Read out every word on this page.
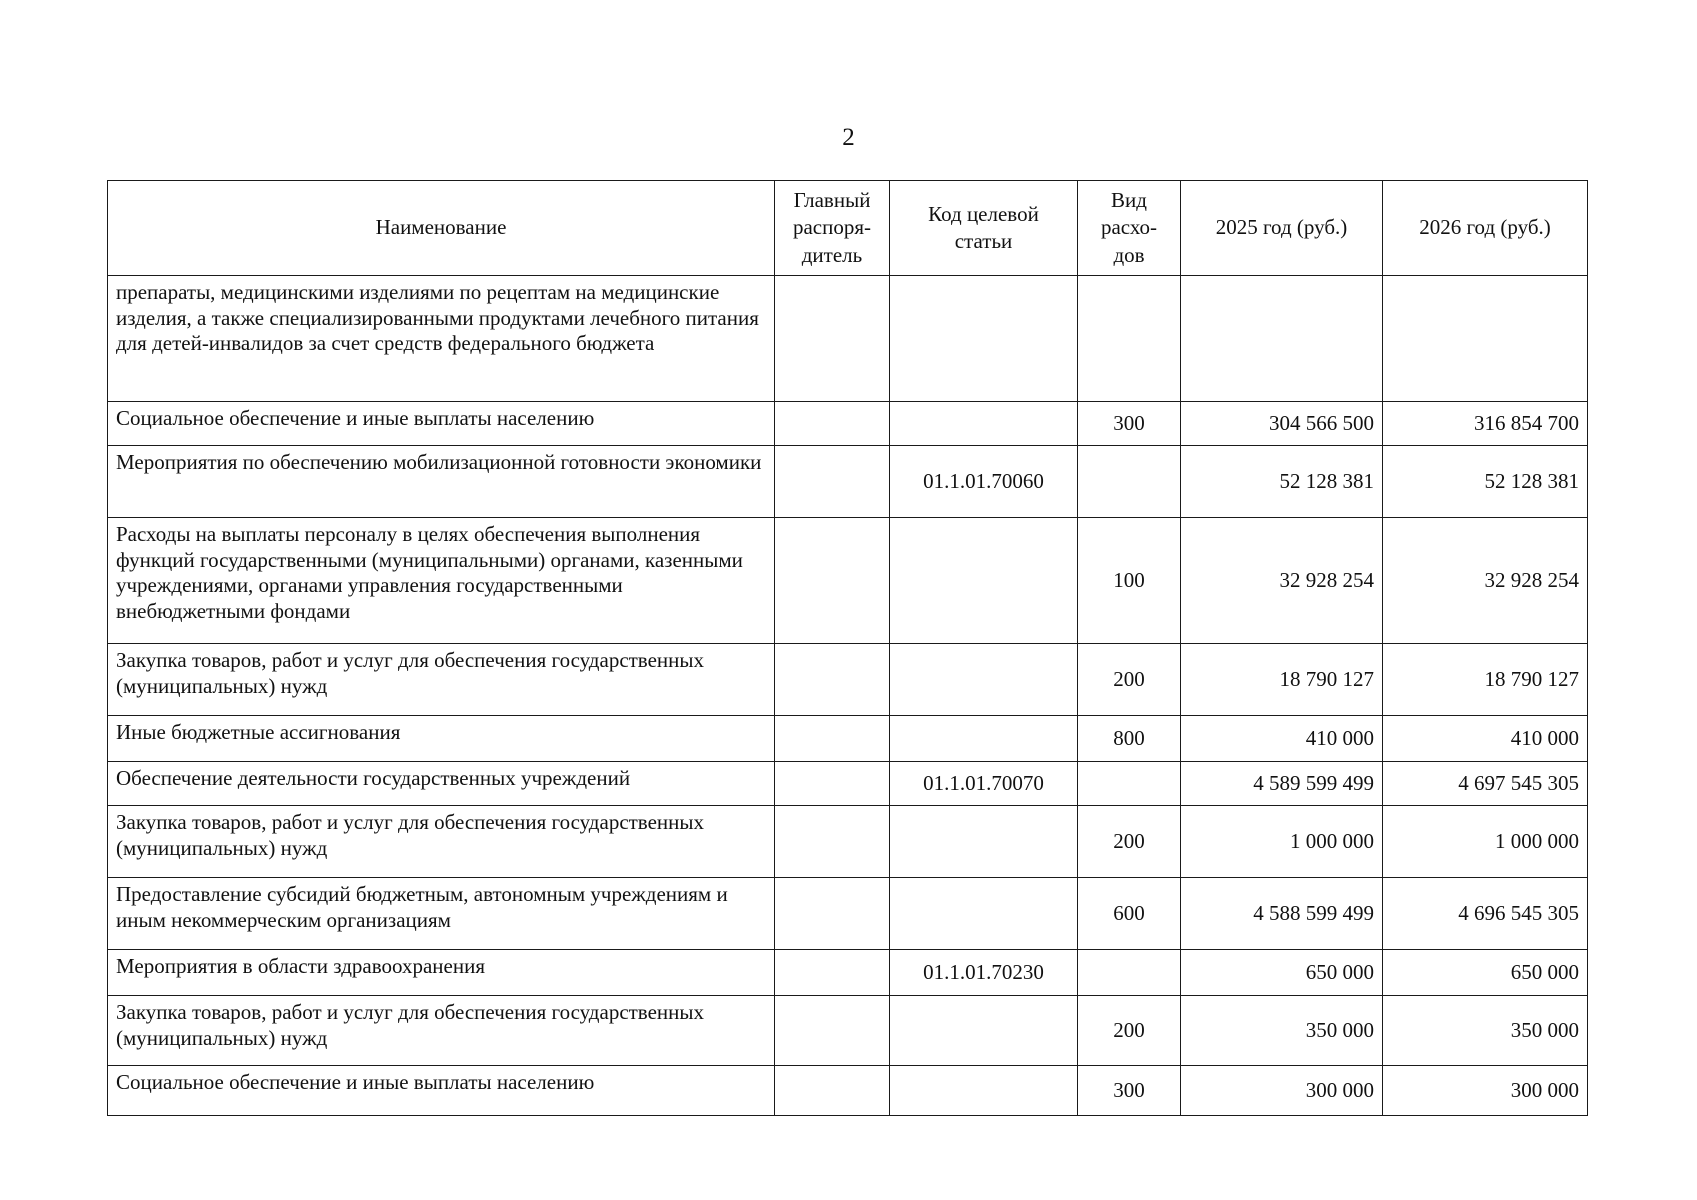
2
Наименование	Главный распоря-дитель	Код целевой статьи	Вид расхо-дов	2025 год (руб.)	2026 год (руб.)
препараты, медицинскими изделиями по рецептам на медицинские изделия, а также специализированными продуктами лечебного питания для детей-инвалидов за счет средств федерального бюджета					
Социальное обеспечение и иные выплаты населению			300	304 566 500	316 854 700
Мероприятия по обеспечению мобилизационной готовности экономики		01.1.01.70060		52 128 381	52 128 381
Расходы на выплаты персоналу в целях обеспечения выполнения функций государственными (муниципальными) органами, казенными учреждениями, органами управления государственными внебюджетными фондами			100	32 928 254	32 928 254
Закупка товаров, работ и услуг для обеспечения государственных (муниципальных) нужд			200	18 790 127	18 790 127
Иные бюджетные ассигнования			800	410 000	410 000
Обеспечение деятельности государственных учреждений		01.1.01.70070		4 589 599 499	4 697 545 305
Закупка товаров, работ и услуг для обеспечения государственных (муниципальных) нужд			200	1 000 000	1 000 000
Предоставление субсидий бюджетным, автономным учреждениям и иным некоммерческим организациям			600	4 588 599 499	4 696 545 305
Мероприятия в области здравоохранения		01.1.01.70230		650 000	650 000
Закупка товаров, работ и услуг для обеспечения государственных (муниципальных) нужд			200	350 000	350 000
Социальное обеспечение и иные выплаты населению			300	300 000	300 000
